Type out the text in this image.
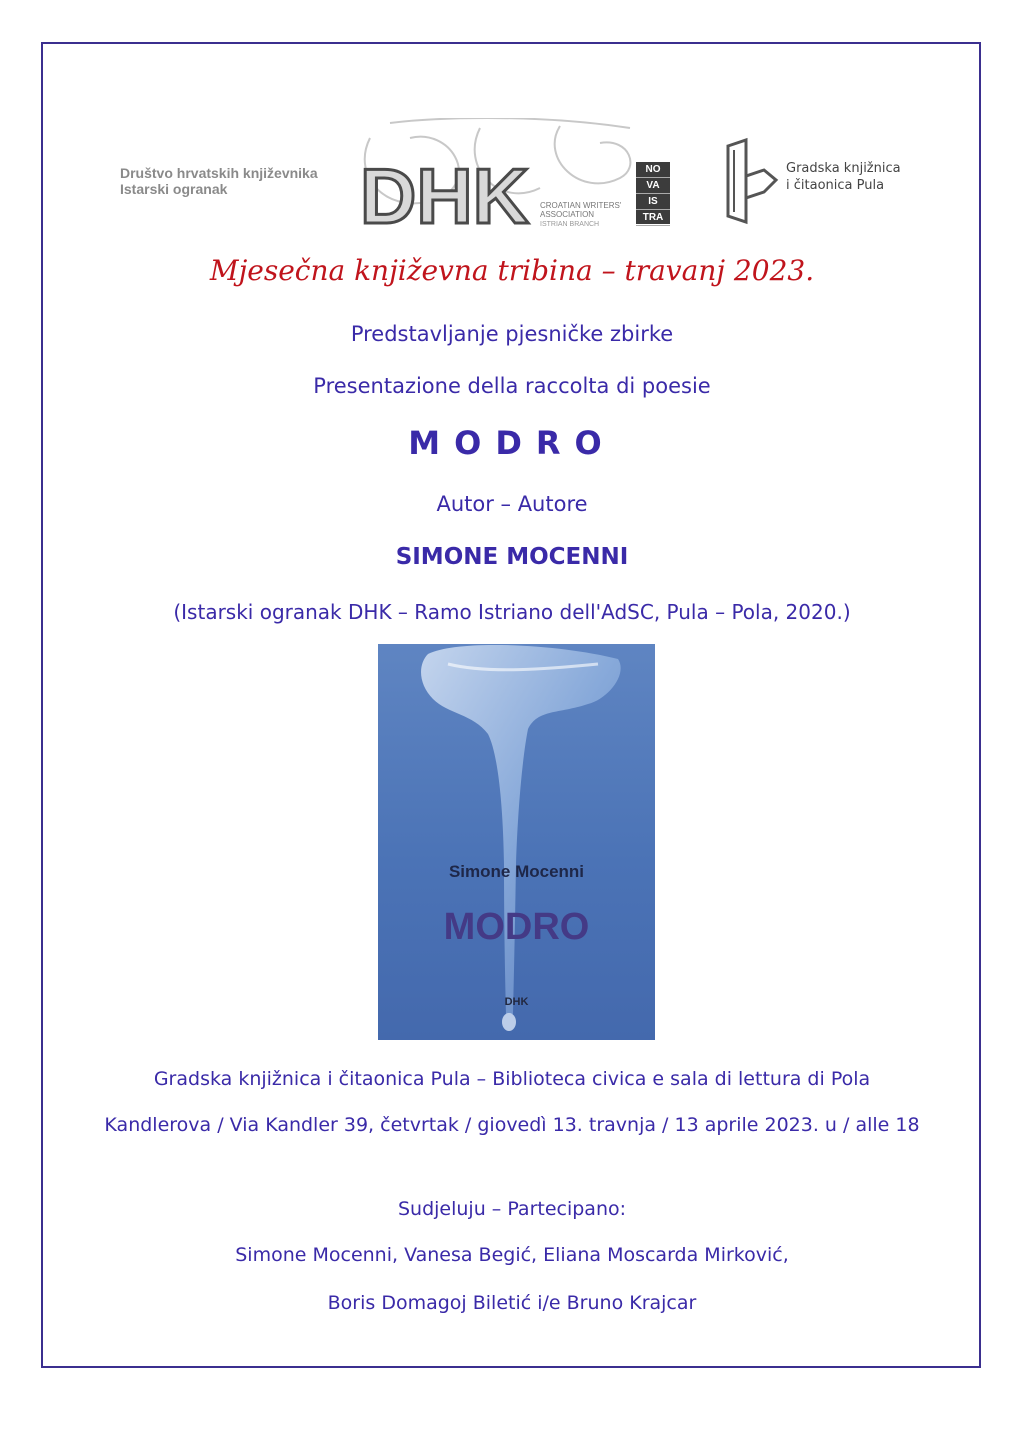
Društvo hrvatskih književnika
Istarski ogranak	DHK CROATIAN WRITERS'
ASSOCIATION
ISTRIAN BRANCH
NO
VA
IS
TRA
Gradska knjižnica
i čitaonica Pula
Mjesečna književna tribina – travanj 2023.
Predstavljanje pjesničke zbirke
Presentazione della raccolta di poesie
MODRO
Autor – Autore
SIMONE MOCENNI
(Istarski ogranak DHK – Ramo Istriano dell'AdSC, Pula – Pola, 2020.)
Simone Mocenni
MODRO
DHK
Gradska knjižnica i čitaonica Pula – Biblioteca civica e sala di lettura di Pola
Kandlerova / Via Kandler 39, četvrtak / giovedì 13. travnja / 13 aprile 2023. u / alle 18
Sudjeluju – Partecipano:
Simone Mocenni, Vanesa Begić, Eliana Moscarda Mirković,
Boris Domagoj Biletić i/e Bruno Krajcar
